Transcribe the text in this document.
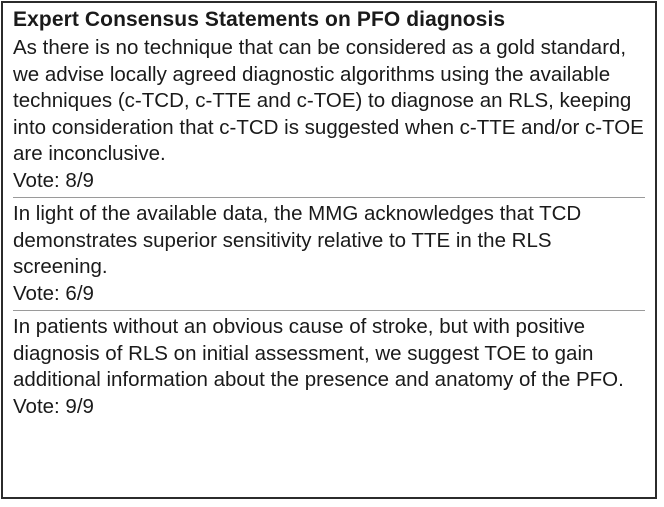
Expert Consensus Statements on PFO diagnosis

As there is no technique that can be considered as a gold standard, we advise locally agreed diagnostic algorithms using the available techniques (c-TCD, c-TTE and c-TOE) to diagnose an RLS, keeping into consideration that c-TCD is suggested when c-TTE and/or c-TOE are inconclusive.

Vote: 8/9

In light of the available data, the MMG acknowledges that TCD demonstrates superior sensitivity relative to TTE in the RLS screening.

Vote: 6/9

In patients without an obvious cause of stroke, but with positive diagnosis of RLS on initial assessment, we suggest TOE to gain additional information about the presence and anatomy of the PFO.

Vote: 9/9
